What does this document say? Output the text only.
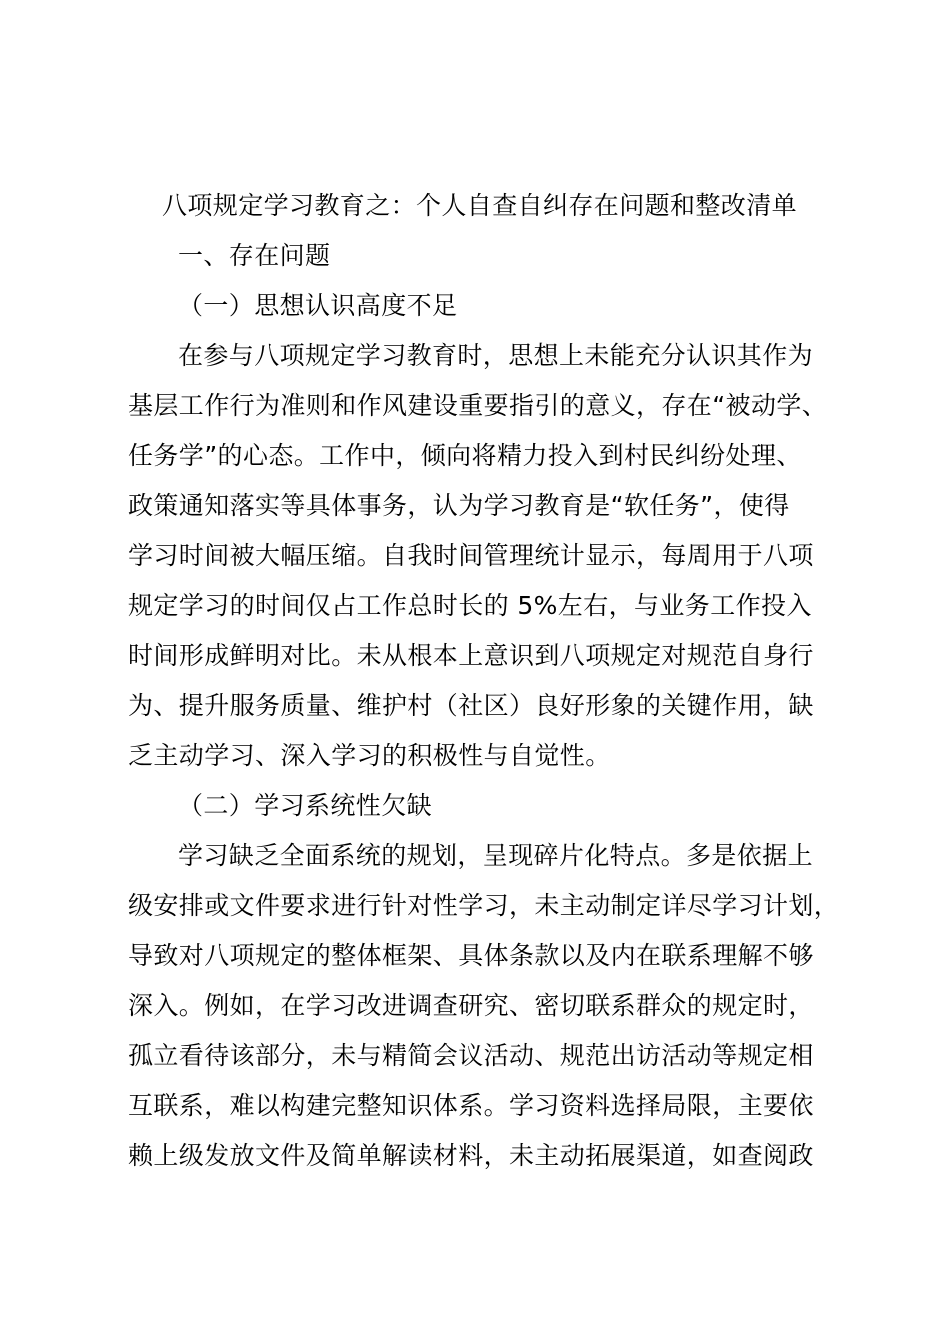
八项规定学习教育之：个人自查自纠存在问题和整改清单
一、存在问题
（一）思想认识高度不足
在参与八项规定学习教育时，思想上未能充分认识其作为
基层工作行为准则和作风建设重要指引的意义，存在“被动学、
任务学”的心态。工作中，倾向将精力投入到村民纠纷处理、
政策通知落实等具体事务，认为学习教育是“软任务”，使得
学习时间被大幅压缩。自我时间管理统计显示，每周用于八项
规定学习的时间仅占工作总时长的 5%左右，与业务工作投入
时间形成鲜明对比。未从根本上意识到八项规定对规范自身行
为、提升服务质量、维护村（社区）良好形象的关键作用，缺
乏主动学习、深入学习的积极性与自觉性。
（二）学习系统性欠缺
学习缺乏全面系统的规划，呈现碎片化特点。多是依据上
级安排或文件要求进行针对性学习，未主动制定详尽学习计划，
导致对八项规定的整体框架、具体条款以及内在联系理解不够
深入。例如，在学习改进调查研究、密切联系群众的规定时，
孤立看待该部分，未与精简会议活动、规范出访活动等规定相
互联系，难以构建完整知识体系。学习资料选择局限，主要依
赖上级发放文件及简单解读材料，未主动拓展渠道，如查阅政
